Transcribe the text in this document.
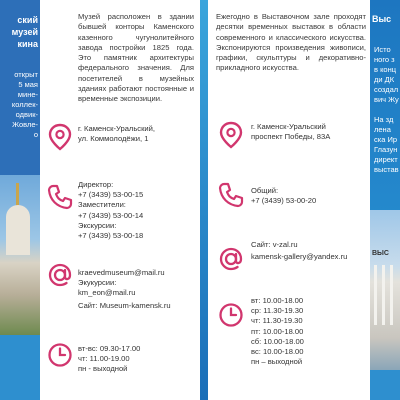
ский
музей
кина
открыт
5 мая
мине-
коллек-
одвик-
Жовле-
о
Музей расположен в здании бывшей конторы Каменского казенного чугунолитейного завода постройки 1825 года. Это памятник архитектуры федерального значения. Для посетителей в музейных зданиях работают постоянные и временные экспозиции.
г. Каменск-Уральский,
ул. Коммолодёжи, 1
Директор:
+7 (3439) 53-00-15
Заместители:
+7 (3439) 53-00-14
Экскурсии:
+7 (3439) 53-00-18
kraevedmuseum@mail.ru
Экукурсии:
km_eon@mail.ru
Сайт: Museum-kamensk.ru
вт-вс: 09.30-17.00
чт: 11.00-19.00
пн - выходной
Ежегодно в Выставочном зале проходят десятки временных выставок в области современного и классического искусства. Экспонируются произведения живописи, графики, скульптуры и декоративно-прикладного искусства.
г. Каменск-Уральский
проспект Победы, 83А
Общий:
+7 (3439) 53-00-20
Сайт: v-zal.ru
kamensk-gallery@yandex.ru
вт: 10.00-18.00
ср: 11.30-19.30
чт: 11.30-19.30
пт: 10.00-18.00
сб: 10.00-18.00
вс: 10.00-18.00
пн – выходной
Выс
Исто
ного з
в конц
ди ДК
создал
вич Жу

На зд
лена
ска Ир
Глазун
директ
выстав
ВЫС
